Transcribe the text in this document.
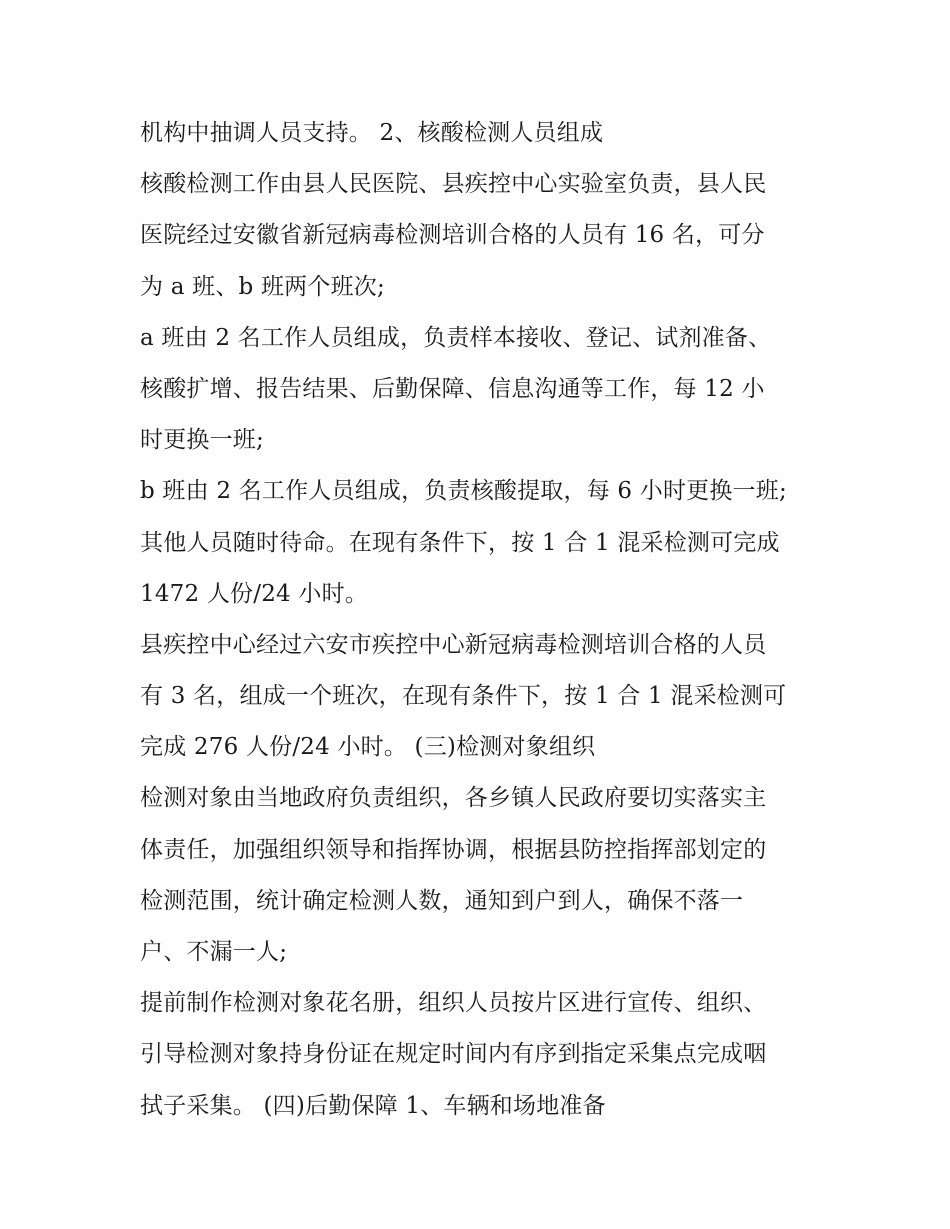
机构中抽调人员支持。 2、核酸检测人员组成
核酸检测工作由县人民医院、县疾控中心实验室负责，县人民
医院经过安徽省新冠病毒检测培训合格的人员有 16 名，可分
为 a 班、b 班两个班次;
a 班由 2 名工作人员组成，负责样本接收、登记、试剂准备、
核酸扩增、报告结果、后勤保障、信息沟通等工作，每 12 小
时更换一班;
b 班由 2 名工作人员组成，负责核酸提取，每 6 小时更换一班;
其他人员随时待命。在现有条件下，按 1 合 1 混采检测可完成
1472 人份/24 小时。
县疾控中心经过六安市疾控中心新冠病毒检测培训合格的人员
有 3 名，组成一个班次，在现有条件下，按 1 合 1 混采检测可
完成 276 人份/24 小时。 (三)检测对象组织
检测对象由当地政府负责组织，各乡镇人民政府要切实落实主
体责任，加强组织领导和指挥协调，根据县防控指挥部划定的
检测范围，统计确定检测人数，通知到户到人，确保不落一
户、不漏一人;
提前制作检测对象花名册，组织人员按片区进行宣传、组织、
引导检测对象持身份证在规定时间内有序到指定采集点完成咽
拭子采集。 (四)后勤保障 1、车辆和场地准备
